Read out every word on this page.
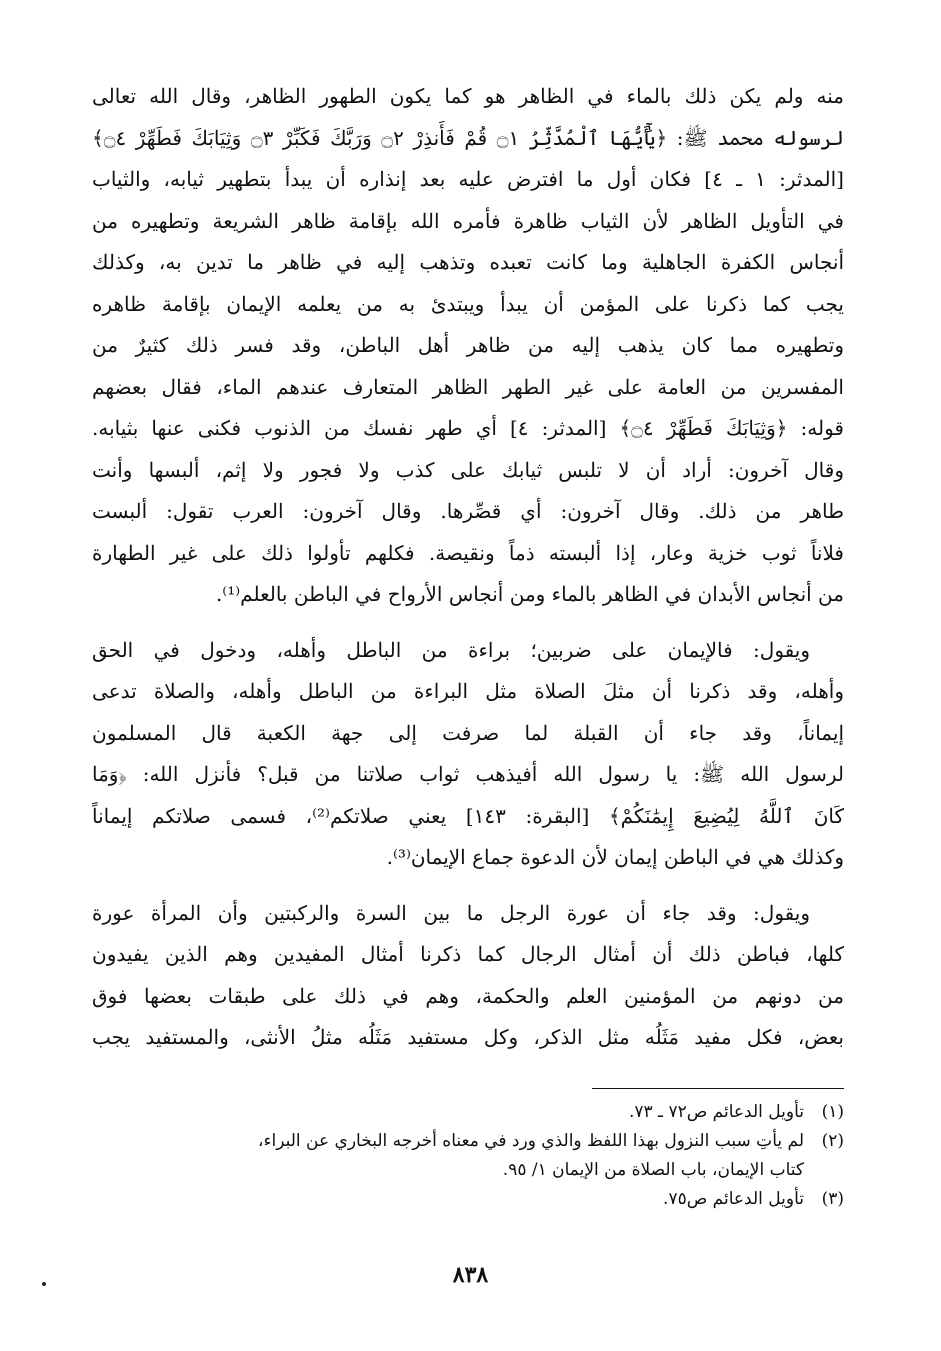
منه ولم يكن ذلك بالماء في الظاهر هو كما يكون الطهور الظاهر، وقال الله تعالى
لرسوله محمد ﷺ: ﴿يَٰٓأَيُّهَا ٱلْمُدَّثِّرُ ۝١ قُمْ فَأَنذِرْ ۝٢ وَرَبَّكَ فَكَبِّرْ ۝٣ وَثِيَابَكَ فَطَهِّرْ ۝٤﴾
[المدثر: ١ ـ ٤] فكان أول ما افترض عليه بعد إنذاره أن يبدأ بتطهير ثيابه، والثياب
في التأويل الظاهر لأن الثياب ظاهرة فأمره الله بإقامة ظاهر الشريعة وتطهيره من
أنجاس الكفرة الجاهلية وما كانت تعبده وتذهب إليه في ظاهر ما تدين به، وكذلك
يجب كما ذكرنا على المؤمن أن يبدأ ويبتدئ به من يعلمه الإيمان بإقامة ظاهره
وتطهيره مما كان يذهب إليه من ظاهر أهل الباطن، وقد فسر ذلك كثيرٌ من
المفسرين من العامة على غير الطهر الظاهر المتعارف عندهم الماء، فقال بعضهم
قوله: ﴿وَثِيَابَكَ فَطَهِّرْ ۝٤﴾ [المدثر: ٤] أي طهر نفسك من الذنوب فكنى عنها بثيابه.
وقال آخرون: أراد أن لا تلبس ثيابك على كذب ولا فجور ولا إثم، ألبسها وأنت
طاهر من ذلك. وقال آخرون: أي قصِّرها. وقال آخرون: العرب تقول: ألبست
فلاناً ثوب خزية وعار، إذا ألبسته ذماً ونقيصة. فكلهم تأولوا ذلك على غير الطهارة
من أنجاس الأبدان في الظاهر بالماء ومن أنجاس الأرواح في الباطن بالعلم⁽¹⁾.
ويقول: فالإيمان على ضربين؛ براءة من الباطل وأهله، ودخول في الحق
وأهله، وقد ذكرنا أن مثلَ الصلاة مثل البراءة من الباطل وأهله، والصلاة تدعى
إيماناً، وقد جاء أن القبلة لما صرفت إلى جهة الكعبة قال المسلمون
لرسول الله ﷺ: يا رسول الله أفيذهب ثواب صلاتنا من قبل؟ فأنزل الله: ﴿وَمَا
كَانَ ٱللَّهُ لِيُضِيعَ إِيمَٰنَكُمْ﴾ [البقرة: ١٤٣] يعني صلاتكم⁽²⁾، فسمى صلاتكم إيماناً
وكذلك هي في الباطن إيمان لأن الدعوة جماع الإيمان⁽³⁾.
ويقول: وقد جاء أن عورة الرجل ما بين السرة والركبتين وأن المرأة عورة
كلها، فباطن ذلك أن أمثال الرجال كما ذكرنا أمثال المفيدين وهم الذين يفيدون
من دونهم من المؤمنين العلم والحكمة، وهم في ذلك على طبقات بعضها فوق
بعض، فكل مفيد مَثَلُه مثل الذكر، وكل مستفيد مَثَلُه مثلُ الأنثى، والمستفيد يجب
(١)
تأويل الدعائم ص٧٢ ـ ٧٣.
(٢)
لم يأتِ سبب النزول بهذا اللفظ والذي ورد في معناه أخرجه البخاري عن البراء،
كتاب الإيمان، باب الصلاة من الإيمان ١/ ٩٥.
(٣)
تأويل الدعائم ص٧٥.
٨٣٨
